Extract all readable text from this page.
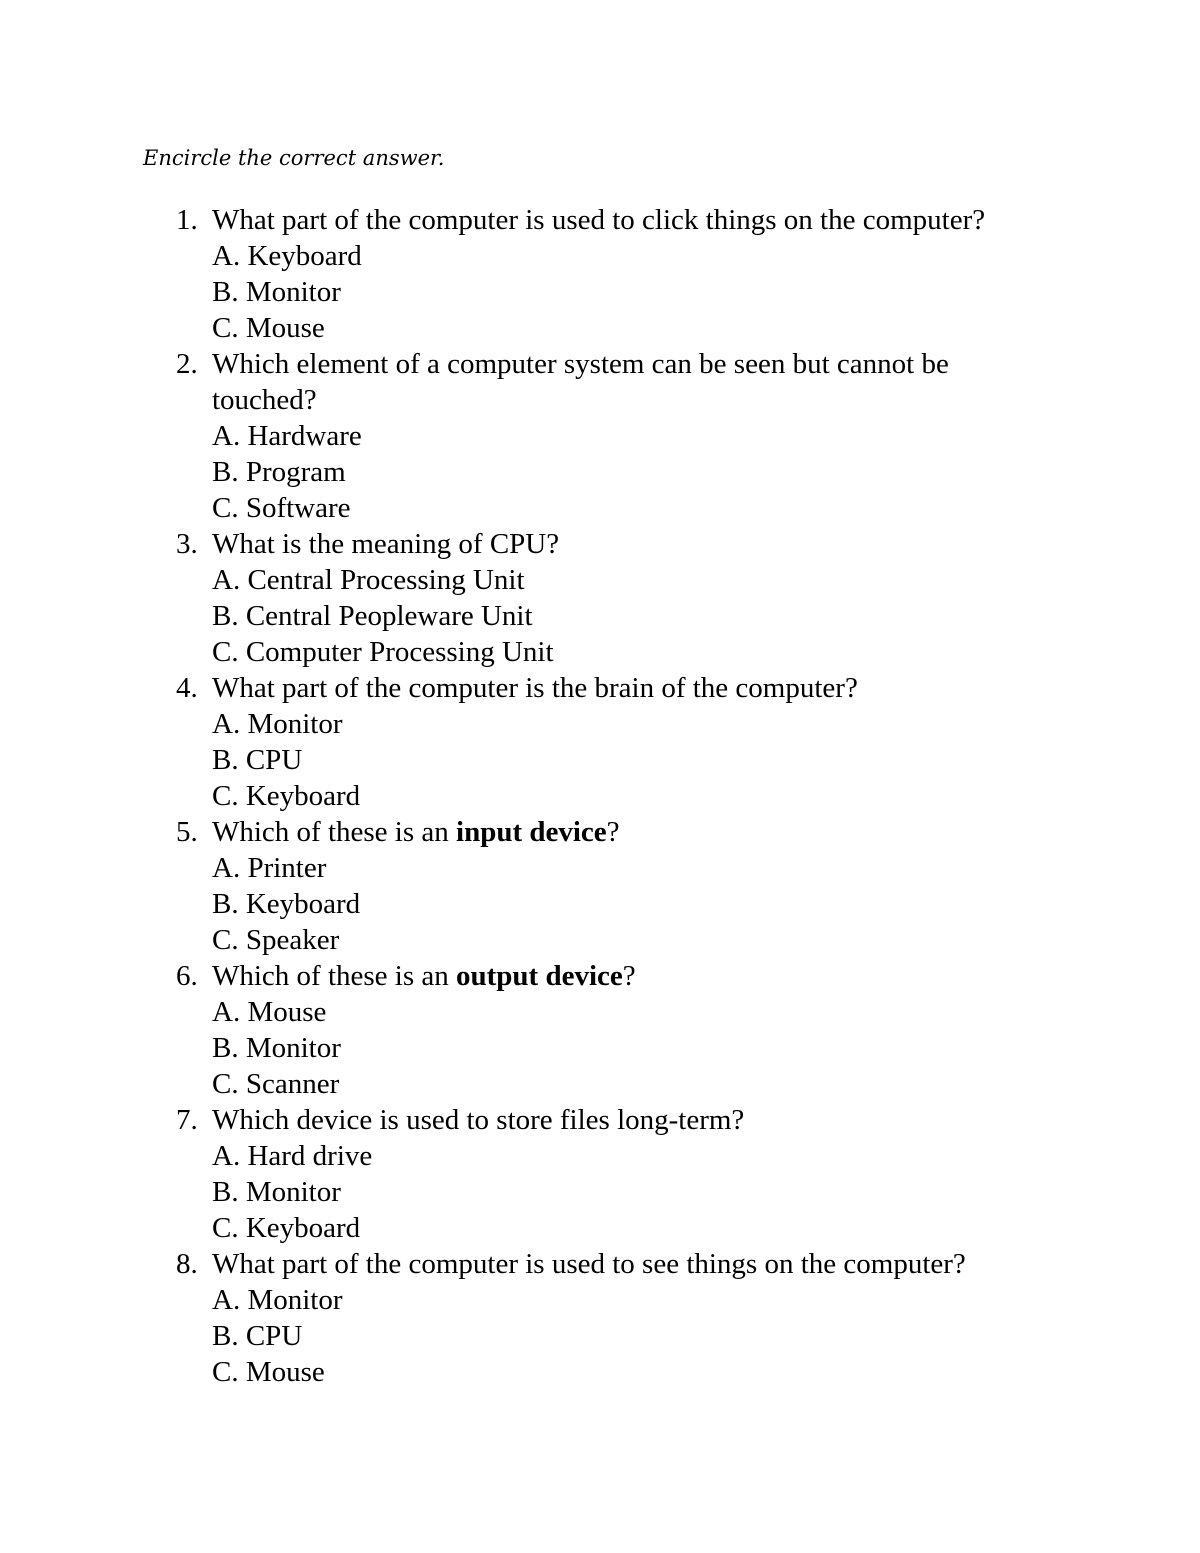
Encircle the correct answer.
1. What part of the computer is used to click things on the computer?
A. Keyboard
B. Monitor
C. Mouse
2. Which element of a computer system can be seen but cannot be touched?
A. Hardware
B. Program
C. Software
3. What is the meaning of CPU?
A. Central Processing Unit
B. Central Peopleware Unit
C. Computer Processing Unit
4. What part of the computer is the brain of the computer?
A. Monitor
B. CPU
C. Keyboard
5. Which of these is an input device?
A. Printer
B. Keyboard
C. Speaker
6. Which of these is an output device?
A. Mouse
B. Monitor
C. Scanner
7. Which device is used to store files long-term?
A. Hard drive
B. Monitor
C. Keyboard
8. What part of the computer is used to see things on the computer?
A. Monitor
B. CPU
C. Mouse
